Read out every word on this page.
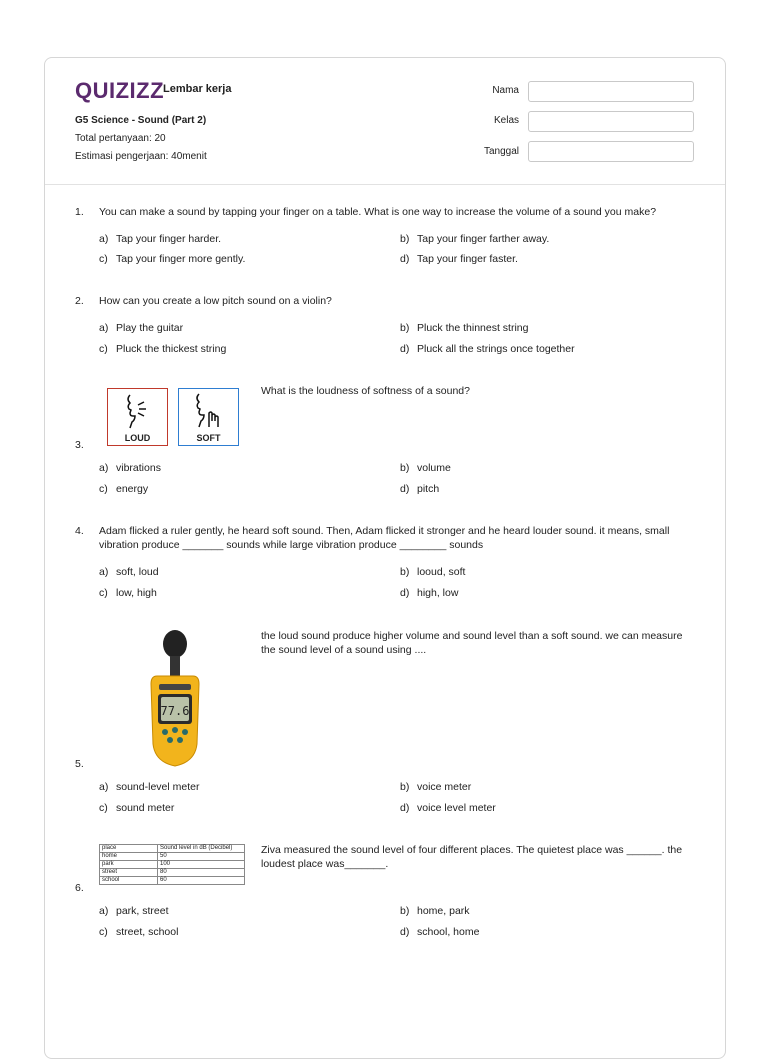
QUIZIZZ
Lembar kerja
G5 Science - Sound (Part 2)
Total pertanyaan: 20
Estimasi pengerjaan: 40menit
Nama
Kelas
Tanggal
1.	You can make a sound by tapping your finger on a table. What is one way to increase the volume of a sound you make?
a) Tap your finger harder.	b) Tap your finger farther away.
c) Tap your finger more gently.	d) Tap your finger faster.
2.	How can you create a low pitch sound on a violin?
a) Play the guitar	b) Pluck the thinnest string
c) Pluck the thickest string	d) Pluck all the strings once together
LOUD	SOFT
What is the loudness of softness of a sound?
3.
a) vibrations	b) volume
c) energy	d) pitch
4.	Adam flicked a ruler gently, he heard soft sound. Then, Adam flicked it stronger and he heard louder sound. it means, small vibration produce _______ sounds while large vibration produce ________ sounds
a) soft, loud	b) looud, soft
c) low, high	d) high, low
77.6
the loud sound produce higher volume and sound level than a soft sound. we can measure the sound level of a sound using ....
5.
a) sound-level meter	b) voice meter
c) sound meter	d) voice level meter
place	Sound level in dB (Decibel)
home	50
park	100
street	80
school	60
Ziva measured the sound level of four different places. The quietest place was ______. the loudest place was_______.
6.
a) park, street	b) home, park
c) street, school	d) school, home
